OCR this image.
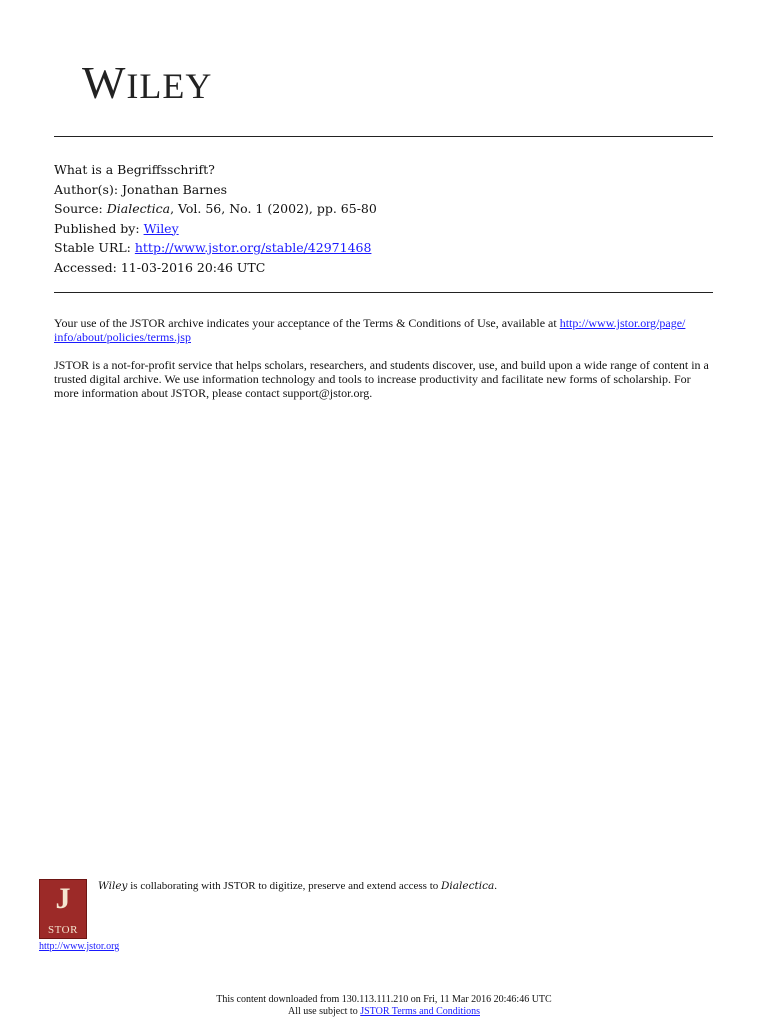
WILEY
What is a Begriffsschrift?
Author(s): Jonathan Barnes
Source: Dialectica, Vol. 56, No. 1 (2002), pp. 65-80
Published by: Wiley
Stable URL: http://www.jstor.org/stable/42971468
Accessed: 11-03-2016 20:46 UTC
Your use of the JSTOR archive indicates your acceptance of the Terms & Conditions of Use, available at http://www.jstor.org/page/
info/about/policies/terms.jsp
JSTOR is a not-for-profit service that helps scholars, researchers, and students discover, use, and build upon a wide range of content in a trusted digital archive. We use information technology and tools to increase productivity and facilitate new forms of scholarship. For more information about JSTOR, please contact support@jstor.org.
J
STOR
Wiley is collaborating with JSTOR to digitize, preserve and extend access to Dialectica.
http://www.jstor.org
This content downloaded from 130.113.111.210 on Fri, 11 Mar 2016 20:46:46 UTC
All use subject to JSTOR Terms and Conditions
